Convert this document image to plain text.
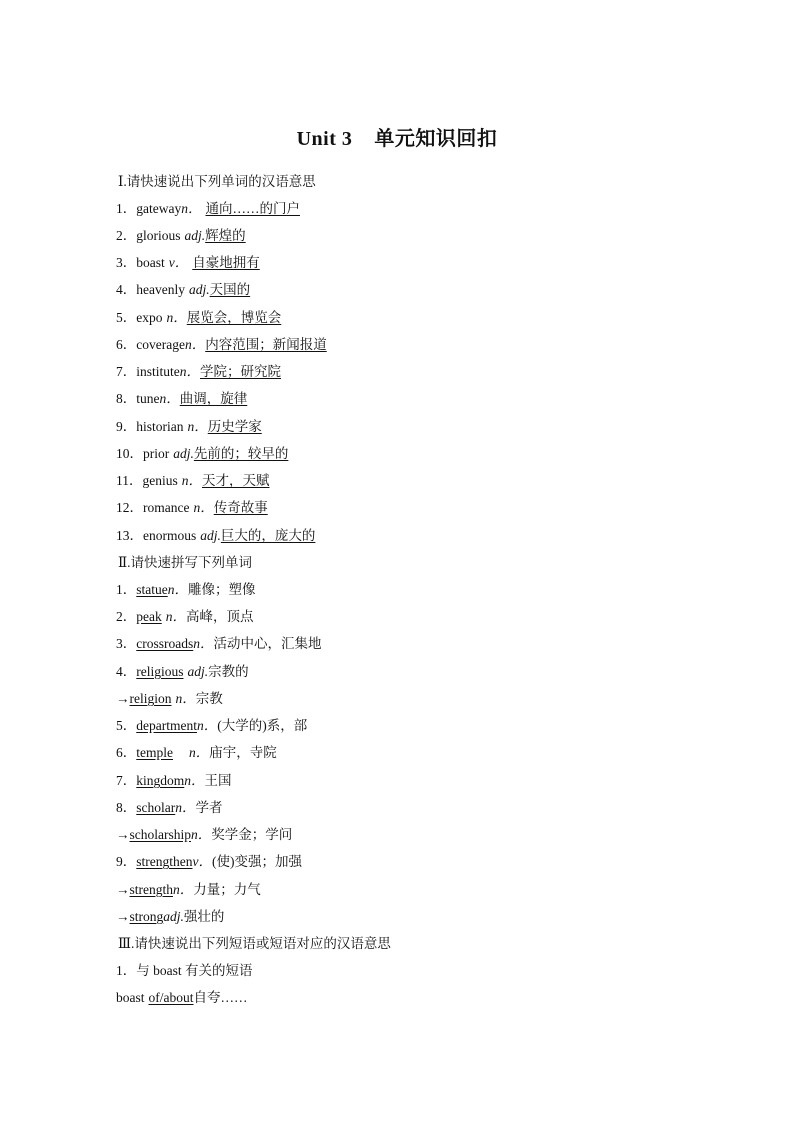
Unit 3 单元知识回扣
Ⅰ.请快速说出下列单词的汉语意思
1．gatewayn． 通向……的门户
2．glorious adj.辉煌的
3．boast v． 自豪地拥有
4．heavenly adj.天国的
5．expo n．展览会，博览会
6．coveragen．内容范围；新闻报道
7．instituten．学院；研究院
8．tunen．曲调，旋律
9．historian n．历史学家
10．prior adj.先前的；较早的
11．genius n．天才，天赋
12．romance n．传奇故事
13．enormous adj.巨大的，庞大的
Ⅱ.请快速拼写下列单词
1．statuen．雕像；塑像
2．peak n．高峰，顶点
3．crossroadsn．活动中心，汇集地
4．religious adj.宗教的
→religion n．宗教
5．departmentn．(大学的)系，部
6．temple n．庙宇，寺院
7．kingdomn．王国
8．scholarn．学者
→scholarshipn．奖学金；学问
9．strengthenv．(使)变强；加强
→strengthn．力量；力气
→strongadj.强壮的
Ⅲ.请快速说出下列短语或短语对应的汉语意思
1．与 boast 有关的短语
boast of/about自夸……
